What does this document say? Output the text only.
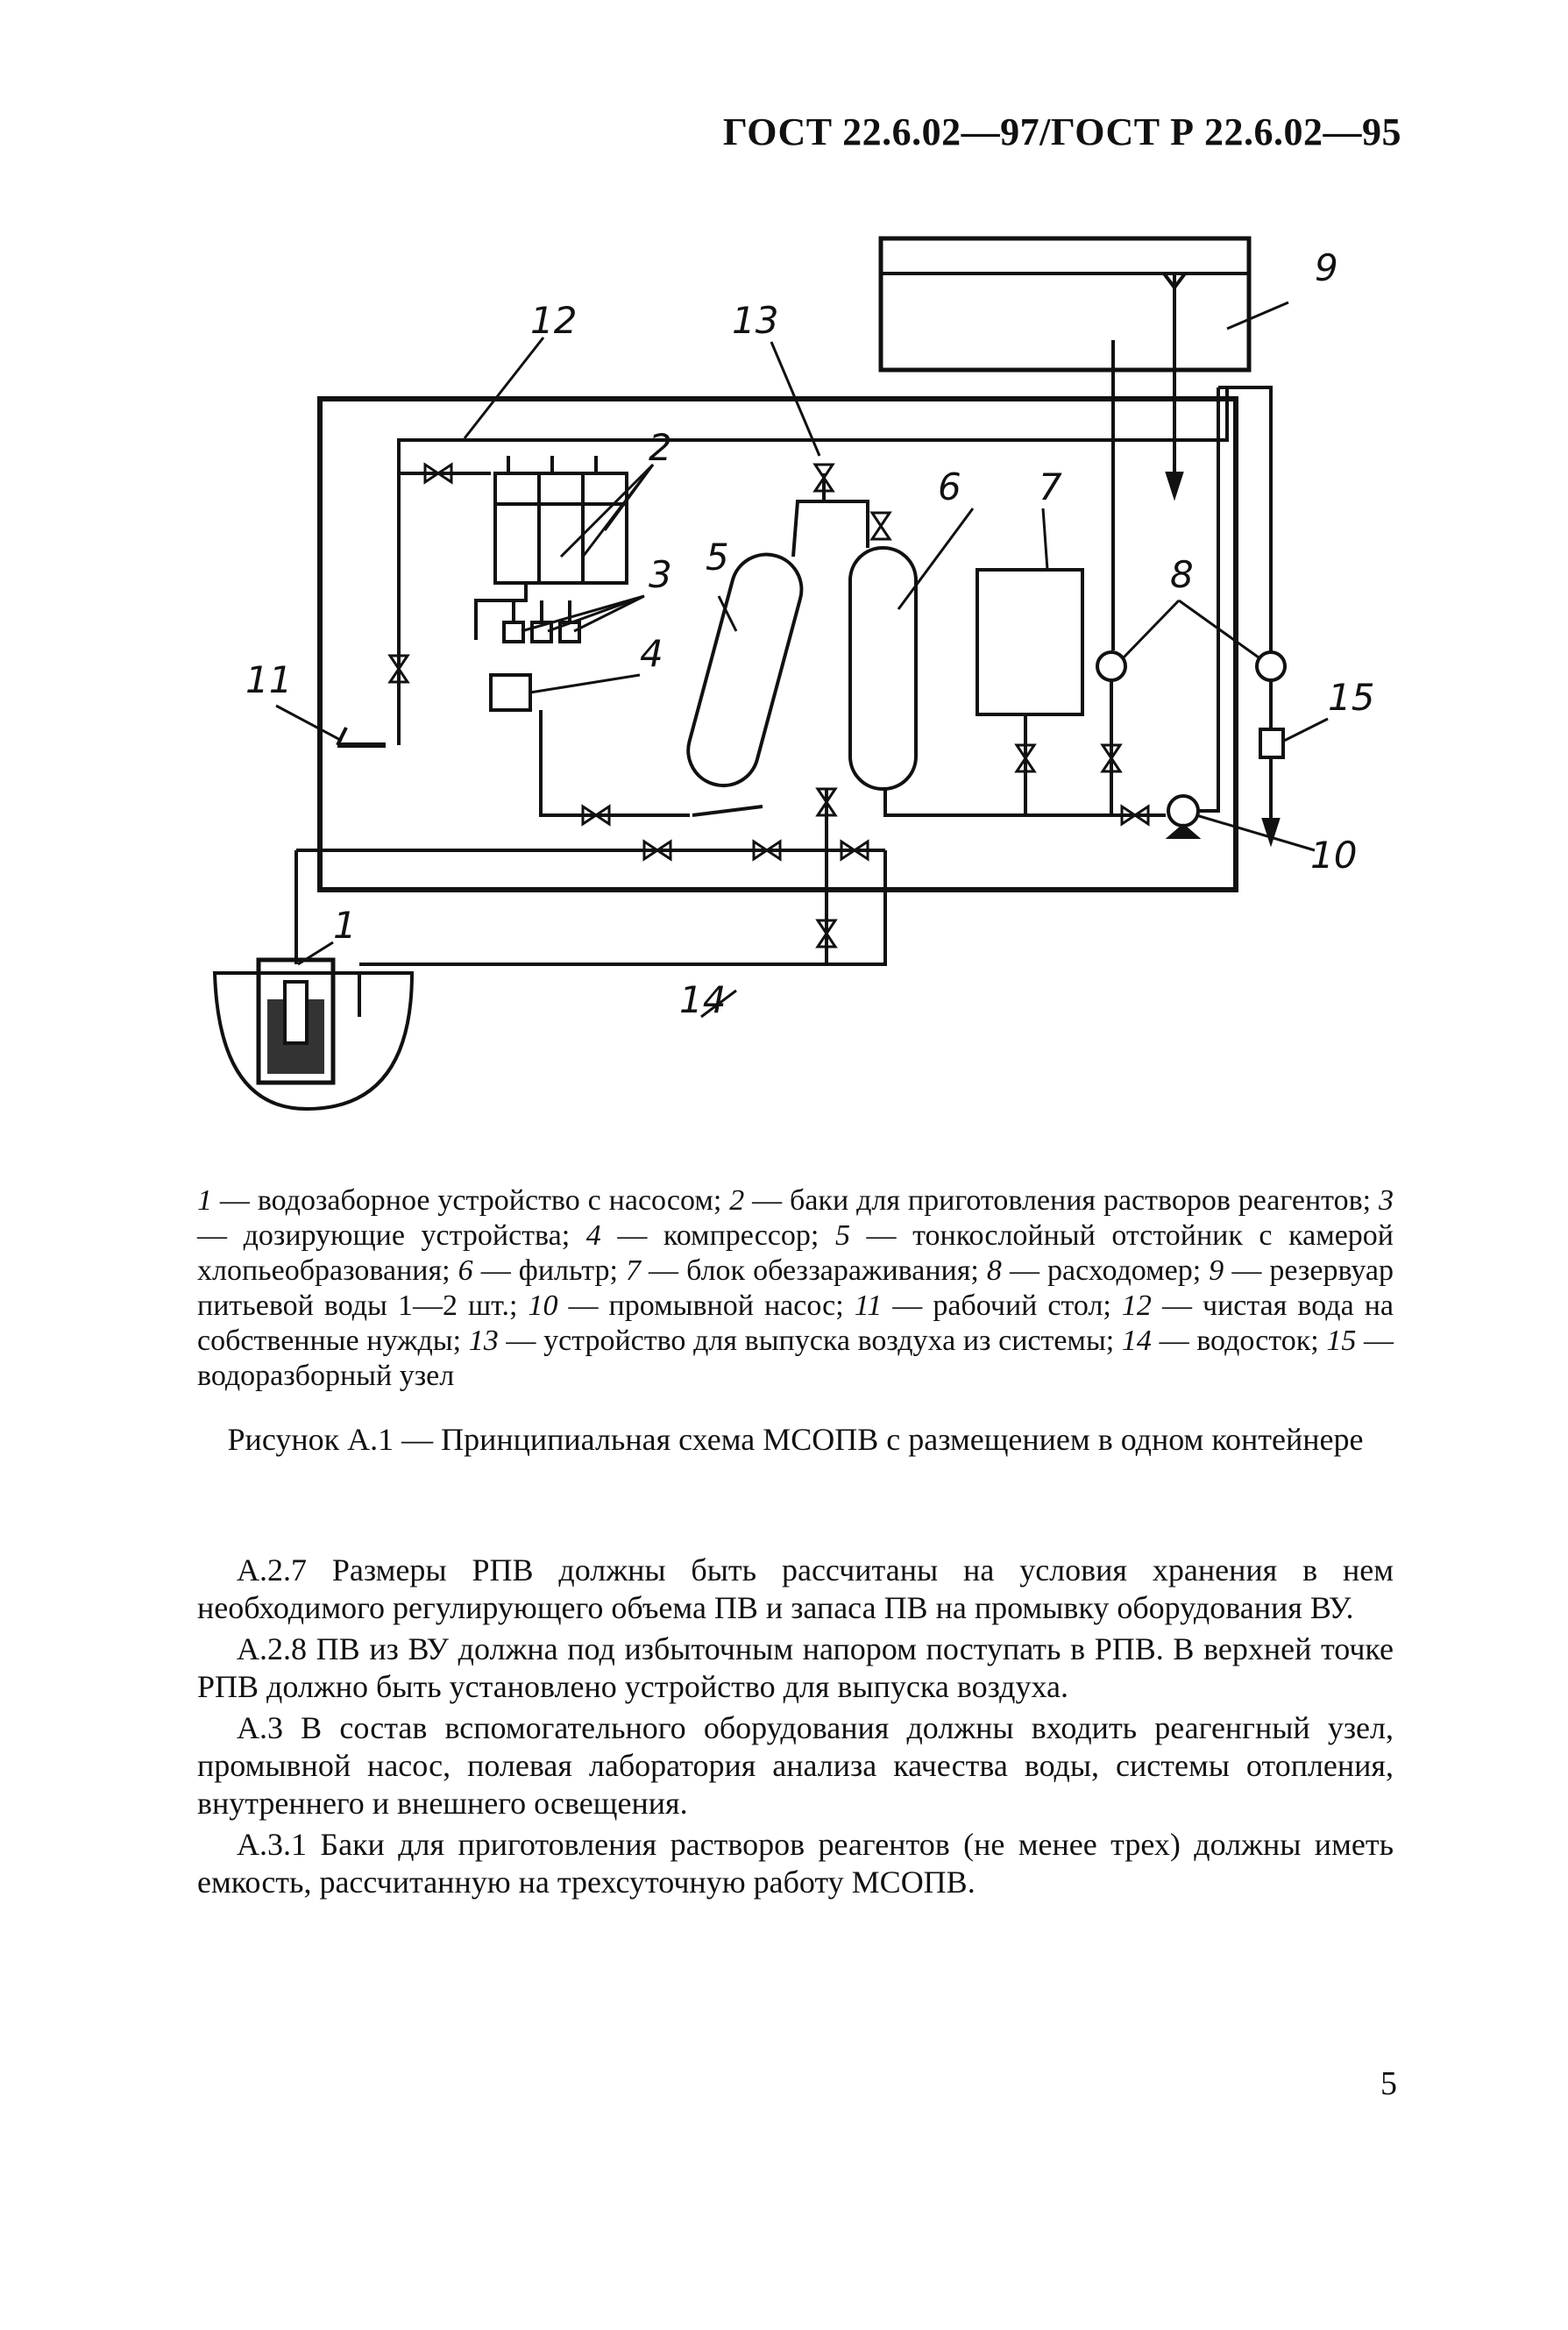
ГОСТ 22.6.02—97/ГОСТ Р 22.6.02—95
1
2
3
4
5
6 7
8
9
10
11
12	13
14
15
1 — водозаборное устройство с насосом; 2 — баки для приготовления растворов реагентов; 3 — дозирующие устройства; 4 — компрессор; 5 — тонкослойный отстойник с камерой хлопьеобразования; 6 — фильтр; 7 — блок обеззараживания; 8 — расходомер; 9 — резервуар питьевой воды 1—2 шт.; 10 — промывной насос; 11 — рабочий стол; 12 — чистая вода на собственные нужды; 13 — устройство для выпуска воздуха из системы; 14 — водосток; 15 — водоразборный узел
Рисунок А.1 — Принципиальная схема МСОПВ с размещением в одном контейнере

А.2.7 Размеры РПВ должны быть рассчитаны на условия хранения в нем необходимого регулирующего объема ПВ и запаса ПВ на промывку оборудования ВУ.

А.2.8 ПВ из ВУ должна под избыточным напором поступать в РПВ. В верхней точке РПВ должно быть установлено устройство для выпуска воздуха.

А.3 В состав вспомогательного оборудования должны входить реагенгный узел, промывной насос, полевая лаборатория анализа качества воды, системы отопления, внутреннего и внешнего освещения.

А.3.1 Баки для приготовления растворов реагентов (не менее трех) должны иметь емкость, рассчитанную на трехсуточную работу МСОПВ.

5
